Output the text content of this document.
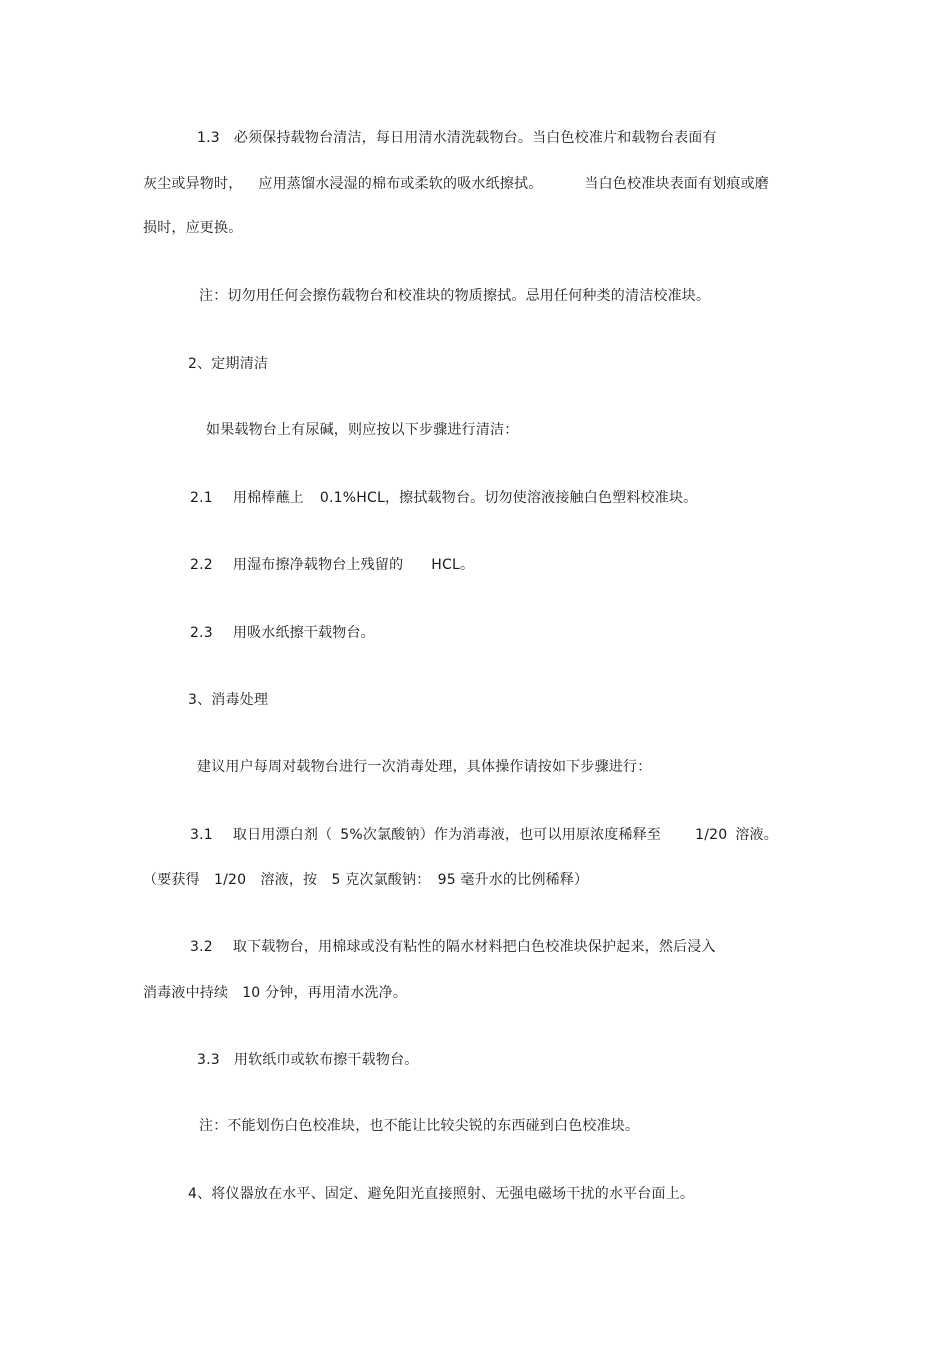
1.3 必须保持载物台清洁，每日用清水清洗载物台。当白色校准片和载物台表面有
灰尘或异物时， 应用蒸馏水浸湿的棉布或柔软的吸水纸擦拭。	当白色校准块表面有划痕或磨
损时，应更换。
注：切勿用任何会擦伤载物台和校准块的物质擦拭。忌用任何种类的清洁校准块。
2、定期清洁
如果载物台上有尿碱，则应按以下步骤进行清洁：
2.1 用棉棒蘸上 0.1%HCL，擦拭载物台。切勿使溶液接触白色塑料校准块。
2.2 用湿布擦净载物台上残留的 HCL。
2.3 用吸水纸擦干载物台。
3、消毒处理
建议用户每周对载物台进行一次消毒处理，具体操作请按如下步骤进行：
3.1 取日用漂白剂（ 5%次氯酸钠）作为消毒液，也可以用原浓度稀释至 1/20 溶液。
（要获得　1/20　溶液，按　5 克次氯酸钠：　95 毫升水的比例稀释）
3.2 取下载物台，用棉球或没有粘性的隔水材料把白色校准块保护起来，然后浸入
消毒液中持续 10 分钟，再用清水洗净。
3.3 用软纸巾或软布擦干载物台。
注：不能划伤白色校准块，也不能让比较尖锐的东西碰到白色校准块。
4、将仪器放在水平、固定、避免阳光直接照射、无强电磁场干扰的水平台面上。
